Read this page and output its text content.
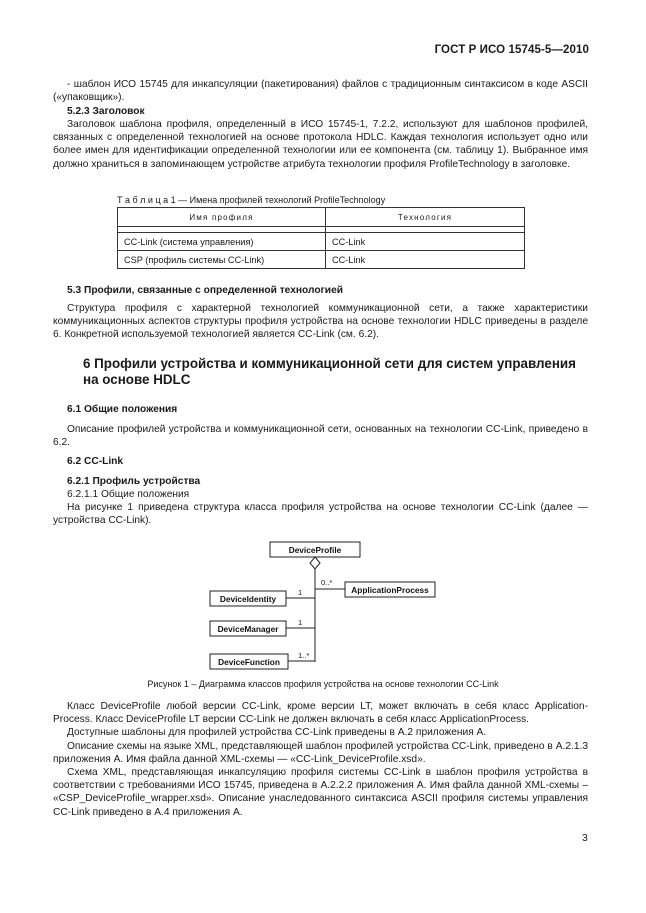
ГОСТ Р ИСО 15745-5—2010

- шаблон ИСО 15745 для инкапсуляции (пакетирования) файлов с традиционным синтаксисом в коде ASCII («упаковщик»).

5.2.3 Заголовок

Заголовок шаблона профиля, определенный в ИСО 15745-1, 7.2.2, используют для шаблонов профилей, связанных с определенной технологией на основе протокола HDLC. Каждая технология использует одно или более имен для идентификации определенной технологии или ее компонента (см. таблицу 1). Выбранное имя должно храниться в запоминающем устройстве атрибута технологии профиля ProfileTechnology в заголовке.

Т а б л и ц а 1 — Имена профилей технологий ProfileTechnology
Имя профиля	Технология

CC-Link (система управления)	CC-Link
CSP (профиль системы CC-Link)	CC-Link

5.3 Профили, связанные с определенной технологией

Структура профиля с характерной технологией коммуникационной сети, а также характеристики коммуникационных аспектов структуры профиля устройства на основе технологии HDLC приведены в разделе 6. Конкретной используемой технологией является CC-Link (см. 6.2).

6 Профили устройства и коммуникационной сети для систем управления на основе HDLC

6.1 Общие положения

Описание профилей устройства и коммуникационной сети, основанных на технологии CC-Link, приведено в 6.2.

6.2 CC-Link

6.2.1 Профиль устройства

6.2.1.1 Общие положения

На рисунке 1 приведена структура класса профиля устройства на основе технологии CC-Link (далее — устройства CC-Link).

DeviceProfile
ApplicationProcess
DeviceIdentity
DeviceManager
DeviceFunction
0..*
1
1
1..*
Рисунок 1 – Диаграмма классов профиля устройства на основе технологии CC-Link

Класс DeviceProfile любой версии CC-Link, кроме версии LT, может включать в себя класс Application-Process. Класс DeviceProfile LT версии CC-Link не должен включать в себя класс ApplicationProcess.

Доступные шаблоны для профилей устройства CC-Link приведены в A.2 приложения A.

Описание схемы на языке XML, представляющей шаблон профилей устройства CC-Link, приведено в A.2.1.3 приложения A. Имя файла данной XML-схемы — «CC-Link_DeviceProfile.xsd».

Схема XML, представляющая инкапсуляцию профиля системы CC-Link в шаблон профиля устройства в соответствии с требованиями ИСО 15745, приведена в A.2.2.2 приложения A. Имя файла данной XML-схемы – «CSP_DeviceProfile_wrapper.xsd». Описание унаследованного синтаксиса ASCII профиля системы управления CC-Link приведено в A.4 приложения A.

3
